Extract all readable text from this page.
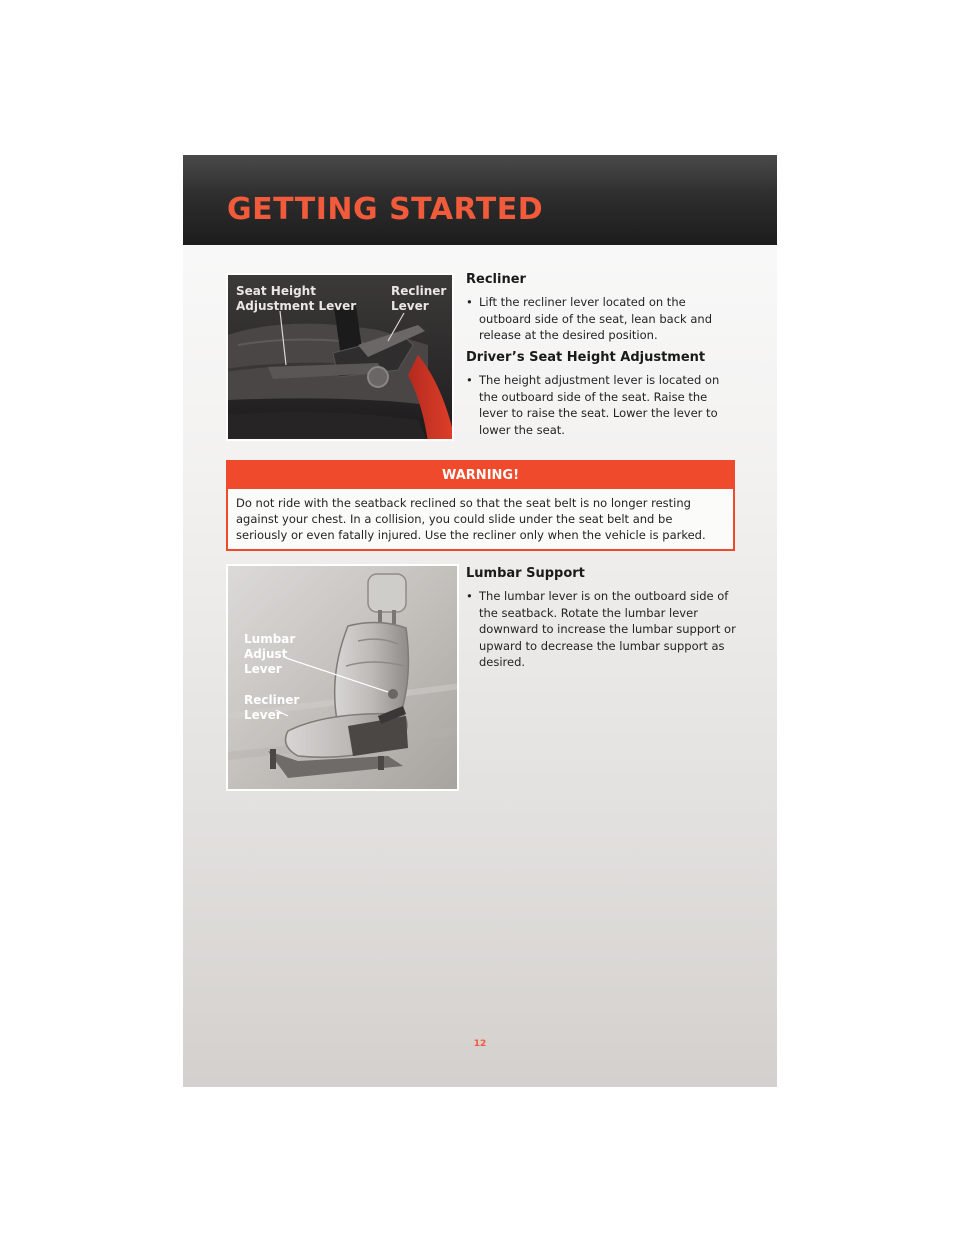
GETTING STARTED
Seat Height
Adjustment Lever
Recliner
Lever
Recliner

• Lift the recliner lever located on the outboard side of the seat, lean back and release at the desired position.

Driver’s Seat Height Adjustment

• The height adjustment lever is located on the outboard side of the seat. Raise the lever to raise the seat. Lower the lever to lower the seat.

WARNING!
Do not ride with the seatback reclined so that the seat belt is no longer resting against your chest. In a collision, you could slide under the seat belt and be seriously or even fatally injured. Use the recliner only when the vehicle is parked.
Lumbar
Adjust
Lever
Recliner
Lever
Lumbar Support

• The lumbar lever is on the outboard side of the seatback. Rotate the lumbar lever downward to increase the lumbar support or upward to decrease the lumbar support as desired.

12
